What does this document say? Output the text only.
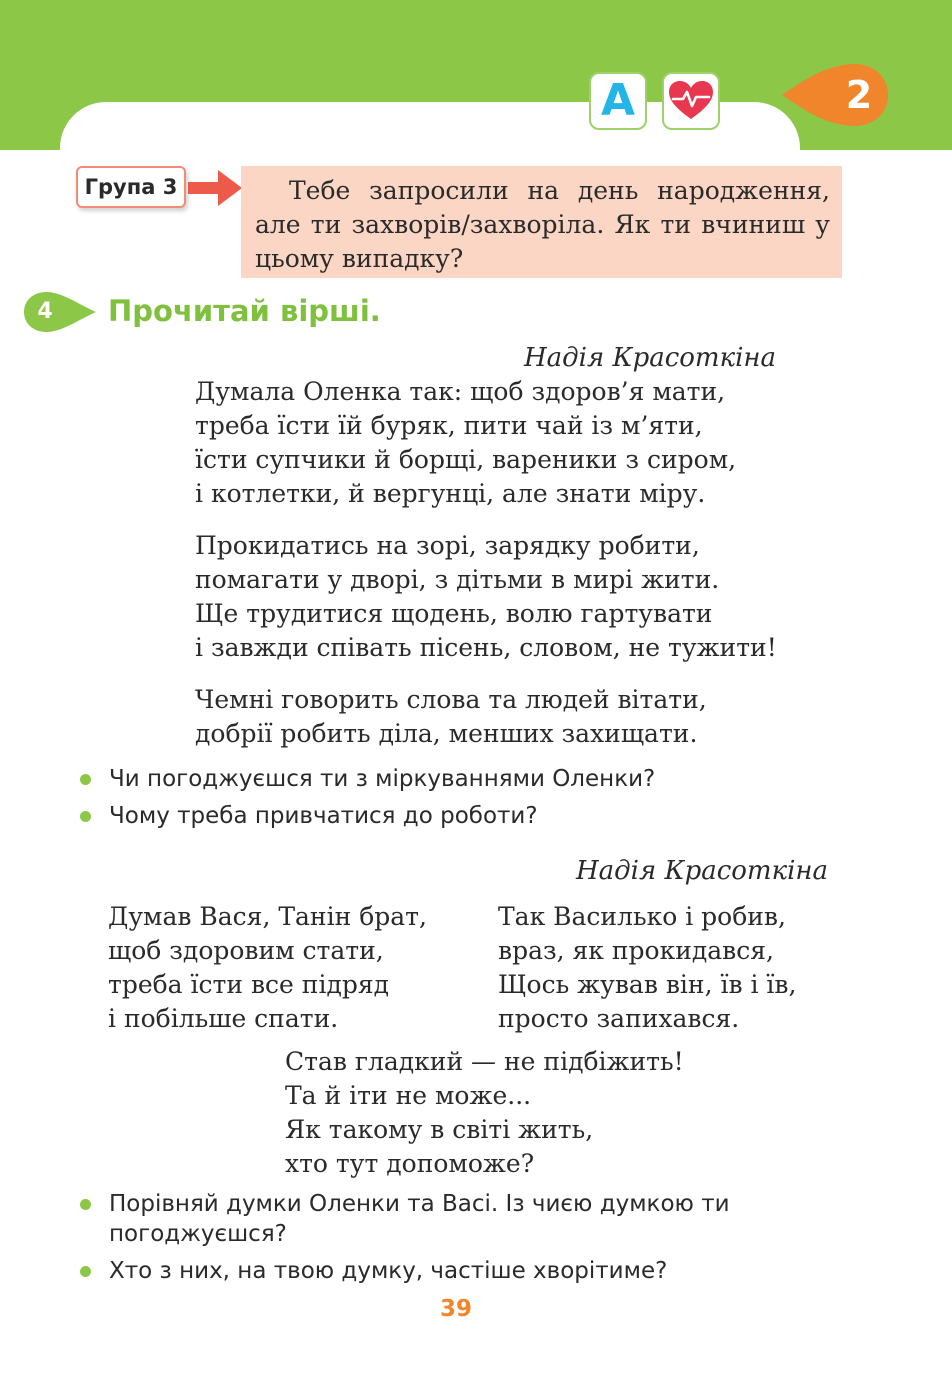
А	2
Група 3	Тебе запросили на день народження, але ти захворів/захворіла. Як ти вчиниш у цьому випадку?
4 Прочитай вірші.
Надія Красоткіна
Думала Оленка так: щоб здоров’я мати,
треба їсти їй буряк, пити чай із м’яти,
їсти супчики й борщі, вареники з сиром,
і котлетки, й вергунці, але знати міру.
Прокидатись на зорі, зарядку робити,
помагати у дворі, з дітьми в мирі жити.
Ще трудитися щодень, волю гартувати
і завжди співать пісень, словом, не тужити!
Чемні говорить слова та людей вітати,
добрії робить діла, менших захищати.
Чи погоджуєшся ти з міркуваннями Оленки?
Чому треба привчатися до роботи?
Надія Красоткіна
Думав Вася, Танін брат,
щоб здоровим стати,
треба їсти все підряд
і побільше спати.
Так Василько і робив,
враз, як прокидався,
Щось жував він, їв і їв,
просто запихався.
Став гладкий — не підбіжить!
Та й іти не може...
Як такому в світі жить,
хто тут допоможе?
Порівняй думки Оленки та Васі. Із чиєю думкою ти погоджуєшся?
Хто з них, на твою думку, частіше хворітиме?
39
